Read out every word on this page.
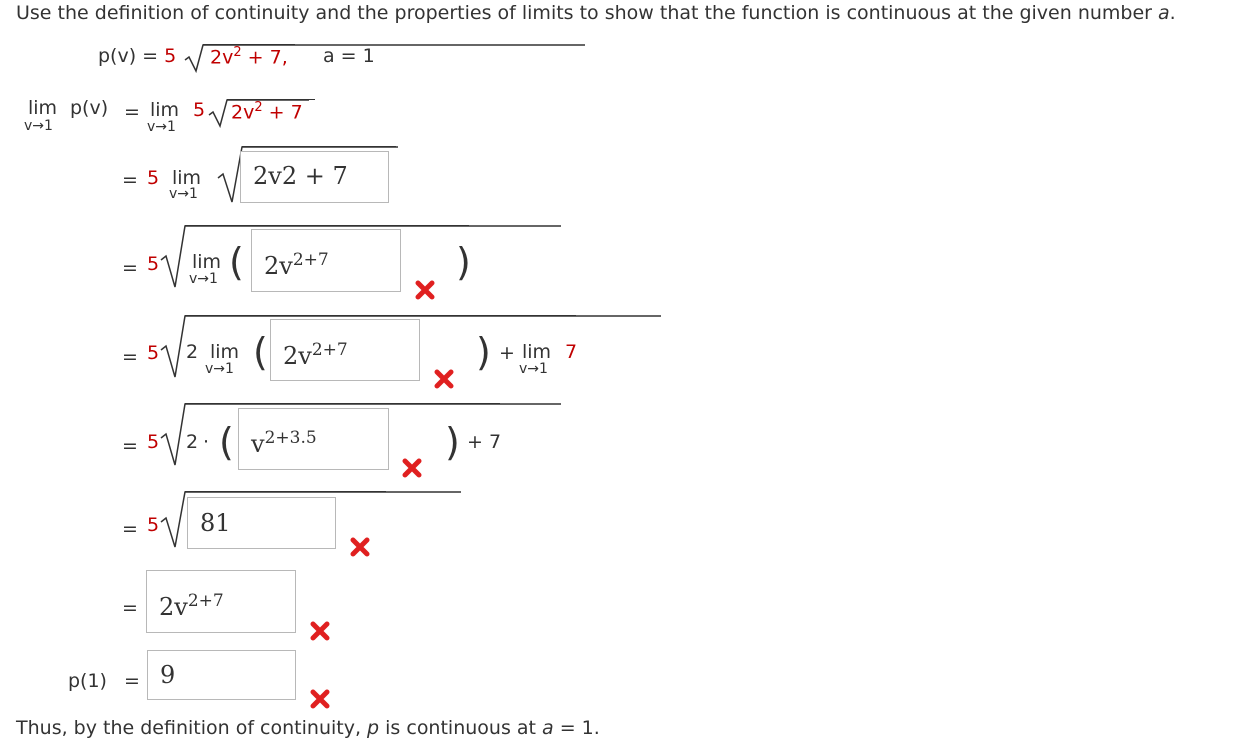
Use the definition of continuity and the properties of limits to show that the function is continuous at the given number a.
p(v) = 5 $2v^2 + 7$, a = 1
lim p(v)
v→1
= lim
v→1
5 $2v^2 + 7$
= 5 lim
v→1
2v2 + 7
= 5 lim
v→1 ( $2v^{2+7}$	)
= 5 2 lim
v→1 ( $2v^{2+7}$	) + lim
v→1
7
= 5 2 · ( $v^{2+3.5}$	) + 7
= 5	81
= $2v^{2+7}$
p(1) = 9
Thus, by the definition of continuity, p is continuous at a = 1.
